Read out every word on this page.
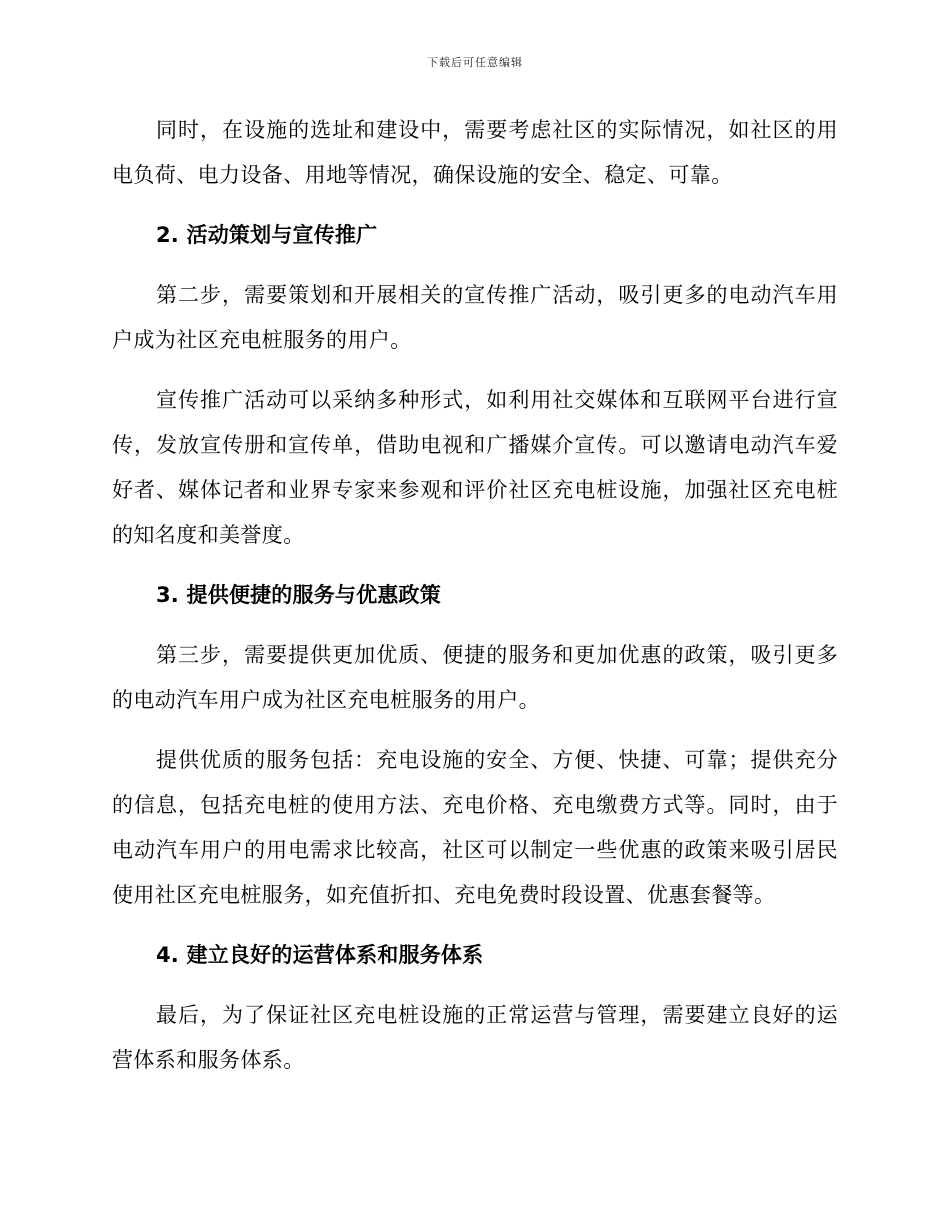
下载后可任意编辑

同时，在设施的选址和建设中，需要考虑社区的实际情况，如社区的用电负荷、电力设备、用地等情况，确保设施的安全、稳定、可靠。

2. 活动策划与宣传推广

第二步，需要策划和开展相关的宣传推广活动，吸引更多的电动汽车用户成为社区充电桩服务的用户。

宣传推广活动可以采纳多种形式，如利用社交媒体和互联网平台进行宣传，发放宣传册和宣传单，借助电视和广播媒介宣传。可以邀请电动汽车爱好者、媒体记者和业界专家来参观和评价社区充电桩设施，加强社区充电桩的知名度和美誉度。

3. 提供便捷的服务与优惠政策

第三步，需要提供更加优质、便捷的服务和更加优惠的政策，吸引更多的电动汽车用户成为社区充电桩服务的用户。

提供优质的服务包括：充电设施的安全、方便、快捷、可靠；提供充分的信息，包括充电桩的使用方法、充电价格、充电缴费方式等。同时，由于电动汽车用户的用电需求比较高，社区可以制定一些优惠的政策来吸引居民使用社区充电桩服务，如充值折扣、充电免费时段设置、优惠套餐等。

4. 建立良好的运营体系和服务体系

最后，为了保证社区充电桩设施的正常运营与管理，需要建立良好的运营体系和服务体系。
